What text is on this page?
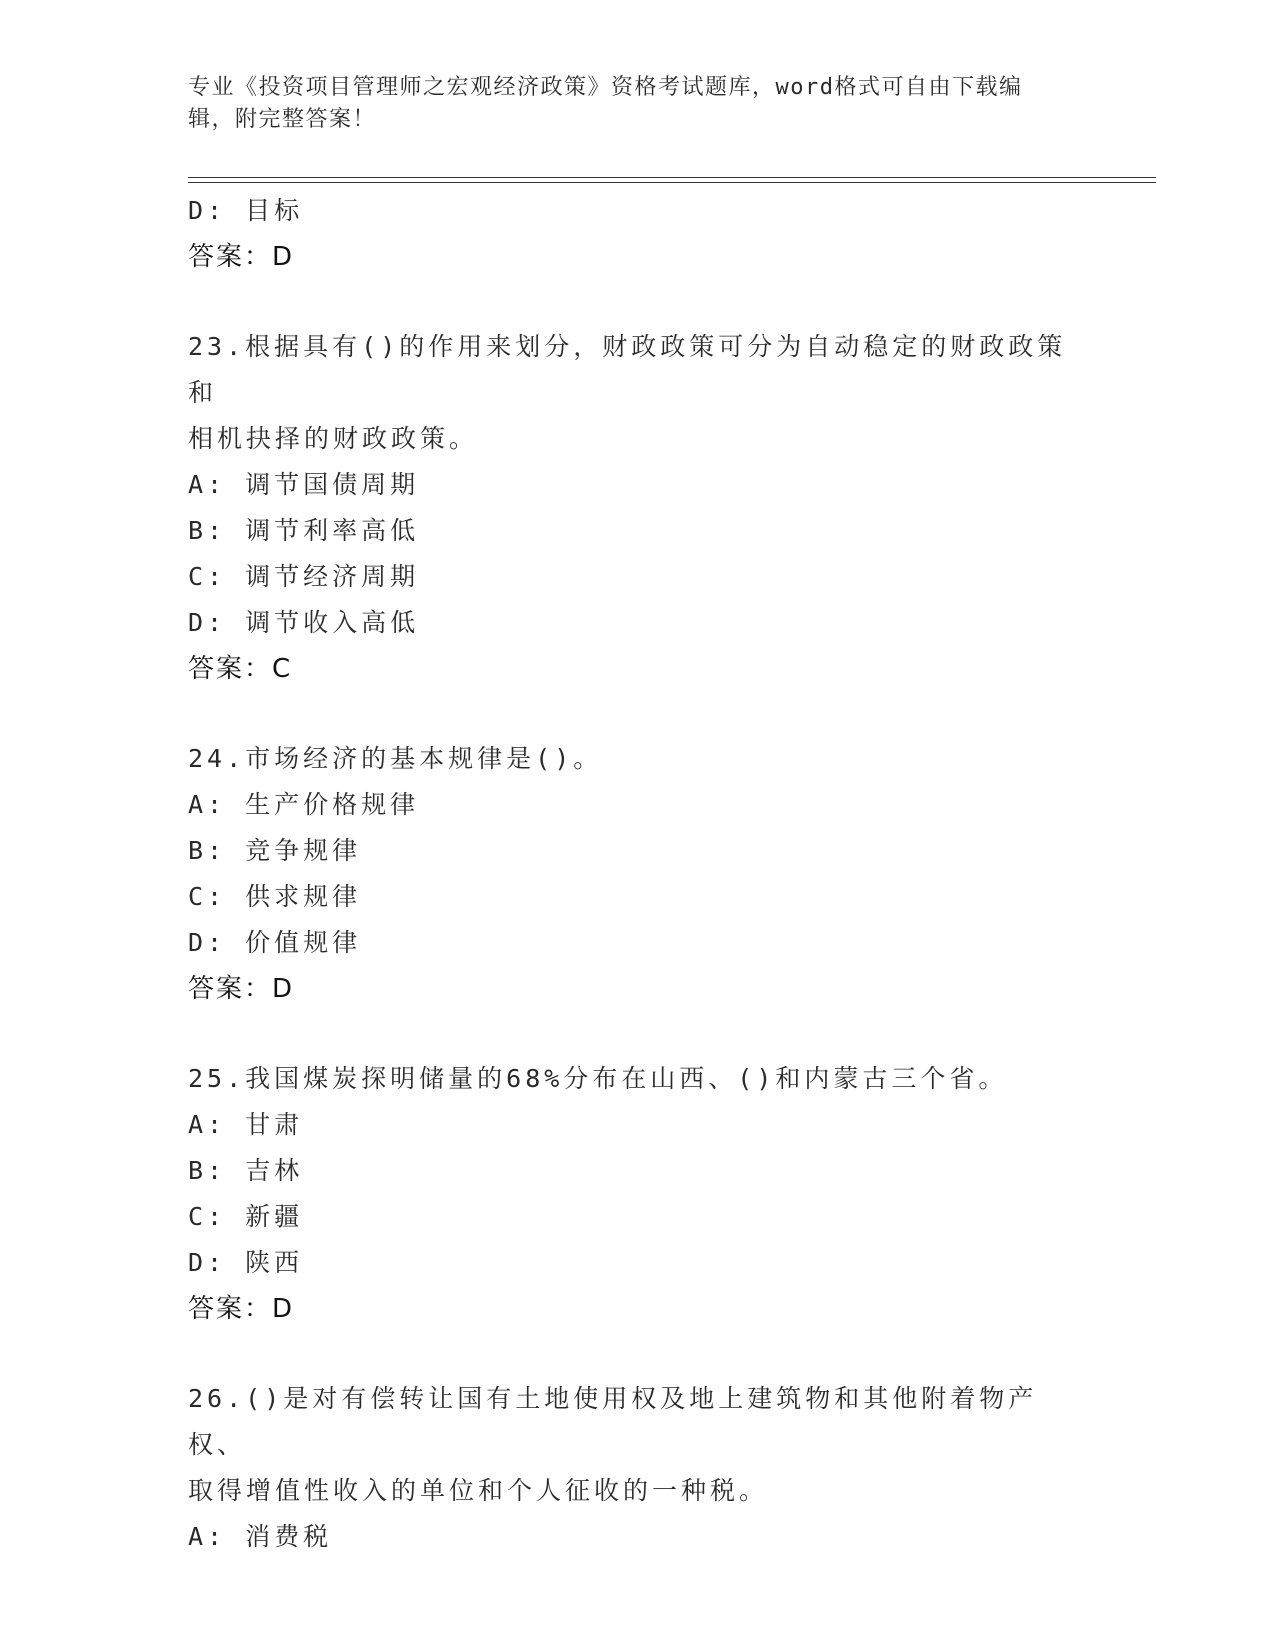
专业《投资项目管理师之宏观经济政策》资格考试题库，word格式可自由下载编
辑，附完整答案！
D: 目标
答案：D
23.根据具有()的作用来划分，财政政策可分为自动稳定的财政政策和
相机抉择的财政政策。
A: 调节国债周期
B: 调节利率高低
C: 调节经济周期
D: 调节收入高低
答案：C
24.市场经济的基本规律是()。
A: 生产价格规律
B: 竞争规律
C: 供求规律
D: 价值规律
答案：D
25.我国煤炭探明储量的68%分布在山西、()和内蒙古三个省。
A: 甘肃
B: 吉林
C: 新疆
D: 陕西
答案：D
26.()是对有偿转让国有土地使用权及地上建筑物和其他附着物产权、
取得增值性收入的单位和个人征收的一种税。
A: 消费税
